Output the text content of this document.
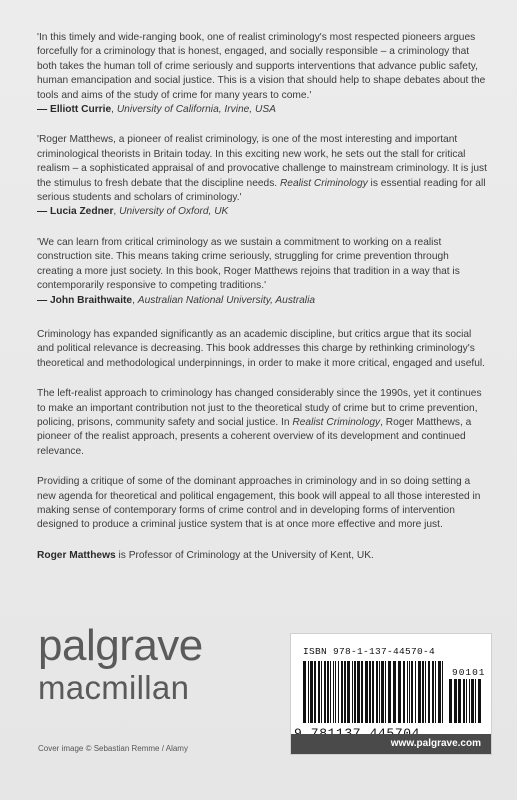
'In this timely and wide-ranging book, one of realist criminology's most respected pioneers argues forcefully for a criminology that is honest, engaged, and socially responsible – a criminology that both takes the human toll of crime seriously and supports interventions that advance public safety, human emancipation and social justice. This is a vision that should help to shape debates about the tools and aims of the study of crime for many years to come.'

— Elliott Currie, University of California, Irvine, USA

'Roger Matthews, a pioneer of realist criminology, is one of the most interesting and important criminological theorists in Britain today. In this exciting new work, he sets out the stall for critical realism – a sophisticated appraisal of and provocative challenge to mainstream criminology. It is just the stimulus to fresh debate that the discipline needs. Realist Criminology is essential reading for all serious students and scholars of criminology.'

— Lucia Zedner, University of Oxford, UK

'We can learn from critical criminology as we sustain a commitment to working on a realist construction site. This means taking crime seriously, struggling for crime prevention through creating a more just society. In this book, Roger Matthews rejoins that tradition in a way that is contemporarily responsive to competing traditions.'

— John Braithwaite, Australian National University, Australia

Criminology has expanded significantly as an academic discipline, but critics argue that its social and political relevance is decreasing. This book addresses this charge by rethinking criminology's theoretical and methodological underpinnings, in order to make it more critical, engaged and useful.

The left-realist approach to criminology has changed considerably since the 1990s, yet it continues to make an important contribution not just to the theoretical study of crime but to crime prevention, policing, prisons, community safety and social justice. In Realist Criminology, Roger Matthews, a pioneer of the realist approach, presents a coherent overview of its development and continued relevance.

Providing a critique of some of the dominant approaches in criminology and in so doing setting a new agenda for theoretical and political engagement, this book will appeal to all those interested in making sense of contemporary forms of crime control and in developing forms of intervention designed to produce a criminal justice system that is at once more effective and more just.

Roger Matthews is Professor of Criminology at the University of Kent, UK.

palgrave
macmillan
Cover image © Sebastian Remme / Alamy
ISBN 978-1-137-44570-4
90101
www.palgrave.com
